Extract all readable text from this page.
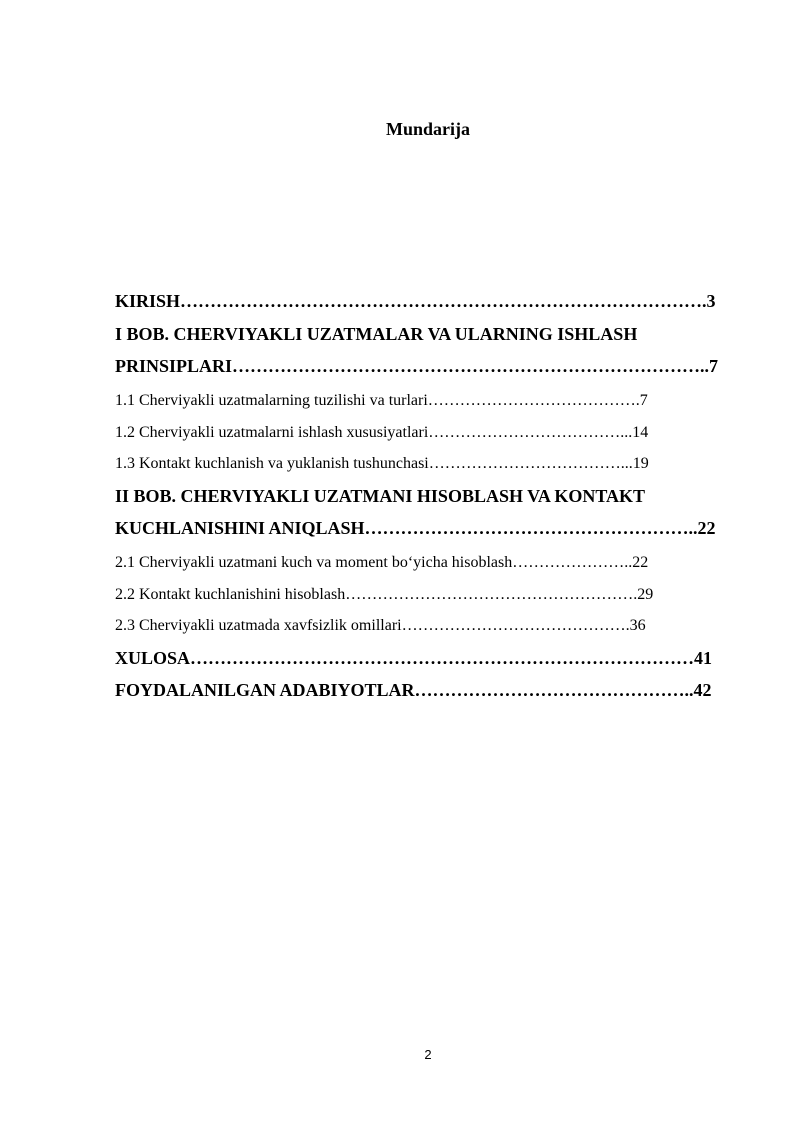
Mundarija
KIRISH…………………………………………………………………………….3
I BOB. CHERVIYAKLI UZATMALAR VA ULARNING ISHLASH
PRINSIPLARI……………………………………………………………………..7
1.1 Cherviyakli uzatmalarning tuzilishi va turlari………………………………….7
1.2 Cherviyakli uzatmalarni ishlash xususiyatlari………………………………...14
1.3 Kontakt kuchlanish va yuklanish tushunchasi………………………………...19
II BOB. CHERVIYAKLI UZATMANI HISOBLASH VA KONTAKT
KUCHLANISHINI ANIQLASH………………………………………………..22
2.1 Cherviyakli uzatmani kuch va moment bo‘yicha hisoblash…………………..22
2.2 Kontakt kuchlanishini hisoblash……………………………………………….29
2.3 Cherviyakli uzatmada xavfsizlik omillari…………………………………….36
XULOSA…………………………………………………………………………41
FOYDALANILGAN ADABIYOTLAR………………………………………..42
2
